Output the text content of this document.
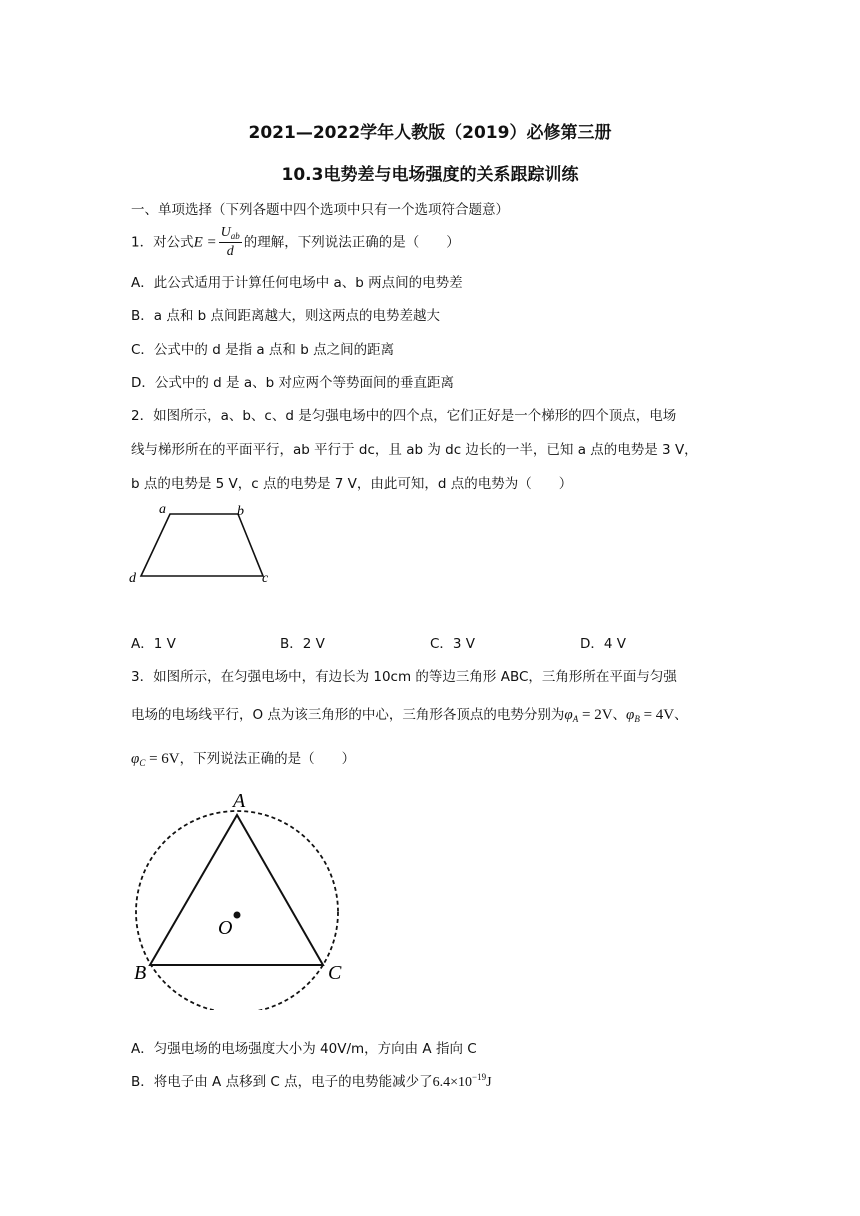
2021—2022学年人教版（2019）必修第三册
10.3电势差与电场强度的关系跟踪训练
一、单项选择（下列各题中四个选项中只有一个选项符合题意）
1．对公式$E = \frac{U_{ab}}{d}$ 的理解，下列说法正确的是（　　）
A．此公式适用于计算任何电场中 a、b 两点间的电势差
B．a 点和 b 点间距离越大，则这两点的电势差越大
C．公式中的 d 是指 a 点和 b 点之间的距离
D．公式中的 d 是 a、b 对应两个等势面间的垂直距离
2．如图所示，a、b、c、d 是匀强电场中的四个点，它们正好是一个梯形的四个顶点，电场
线与梯形所在的平面平行，ab 平行于 dc，且 ab 为 dc 边长的一半，已知 a 点的电势是 3 V，
b 点的电势是 5 V，c 点的电势是 7 V，由此可知，d 点的电势为（　　）
a	b
c
d
A．1 V	B．2 V	C．3 V	D．4 V
3．如图所示，在匀强电场中，有边长为 10cm 的等边三角形 ABC，三角形所在平面与匀强
电场的电场线平行，O 点为该三角形的中心，三角形各顶点的电势分别为$\varphi_A = 2V$、$\varphi_B = 4V$、
$\varphi_C = 6V$，下列说法正确的是（　　）
A
B	C
O
A．匀强电场的电场强度大小为 40V/m，方向由 A 指向 C
B．将电子由 A 点移到 C 点，电子的电势能减少了$6.4\times 10^{-19}J$
